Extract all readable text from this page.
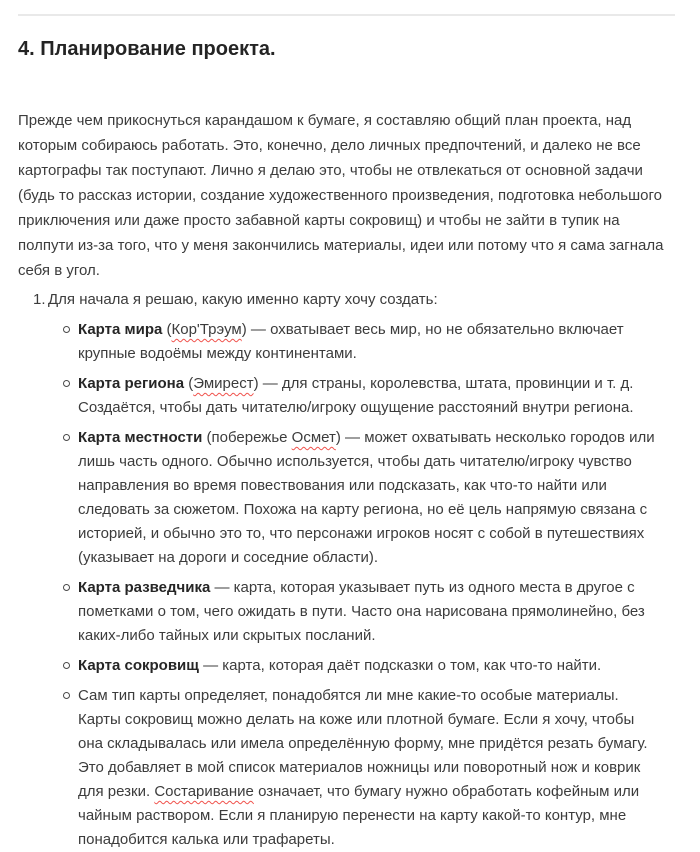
4. Планирование проекта.

Прежде чем прикоснуться карандашом к бумаге, я составляю общий план проекта, над которым собираюсь работать. Это, конечно, дело личных предпочтений, и далеко не все картографы так поступают. Лично я делаю это, чтобы не отвлекаться от основной задачи (будь то рассказ истории, создание художественного произведения, подготовка небольшого приключения или даже просто забавной карты сокровищ) и чтобы не зайти в тупик на полпути из-за того, что у меня закончились материалы, идеи или потому что я сама загнала себя в угол.

1. Для начала я решаю, какую именно карту хочу создать:
Карта мира (Кор'Трэум) — охватывает весь мир, но не обязательно включает крупные водоёмы между континентами.
Карта региона (Эмирест) — для страны, королевства, штата, провинции и т. д. Создаётся, чтобы дать читателю/игроку ощущение расстояний внутри региона.
Карта местности (побережье Осмет) — может охватывать несколько городов или лишь часть одного. Обычно используется, чтобы дать читателю/игроку чувство направления во время повествования или подсказать, как что-то найти или следовать за сюжетом. Похожа на карту региона, но её цель напрямую связана с историей, и обычно это то, что персонажи игроков носят с собой в путешествиях (указывает на дороги и соседние области).
Карта разведчика — карта, которая указывает путь из одного места в другое с пометками о том, чего ожидать в пути. Часто она нарисована прямолинейно, без каких-либо тайных или скрытых посланий.
Карта сокровищ — карта, которая даёт подсказки о том, как что-то найти.
Сам тип карты определяет, понадобятся ли мне какие-то особые материалы. Карты сокровищ можно делать на коже или плотной бумаге. Если я хочу, чтобы она складывалась или имела определённую форму, мне придётся резать бумагу. Это добавляет в мой список материалов ножницы или поворотный нож и коврик для резки. Состаривание означает, что бумагу нужно обработать кофейным или чайным раствором. Если я планирую перенести на карту какой-то контур, мне понадобится калька или трафареты.
